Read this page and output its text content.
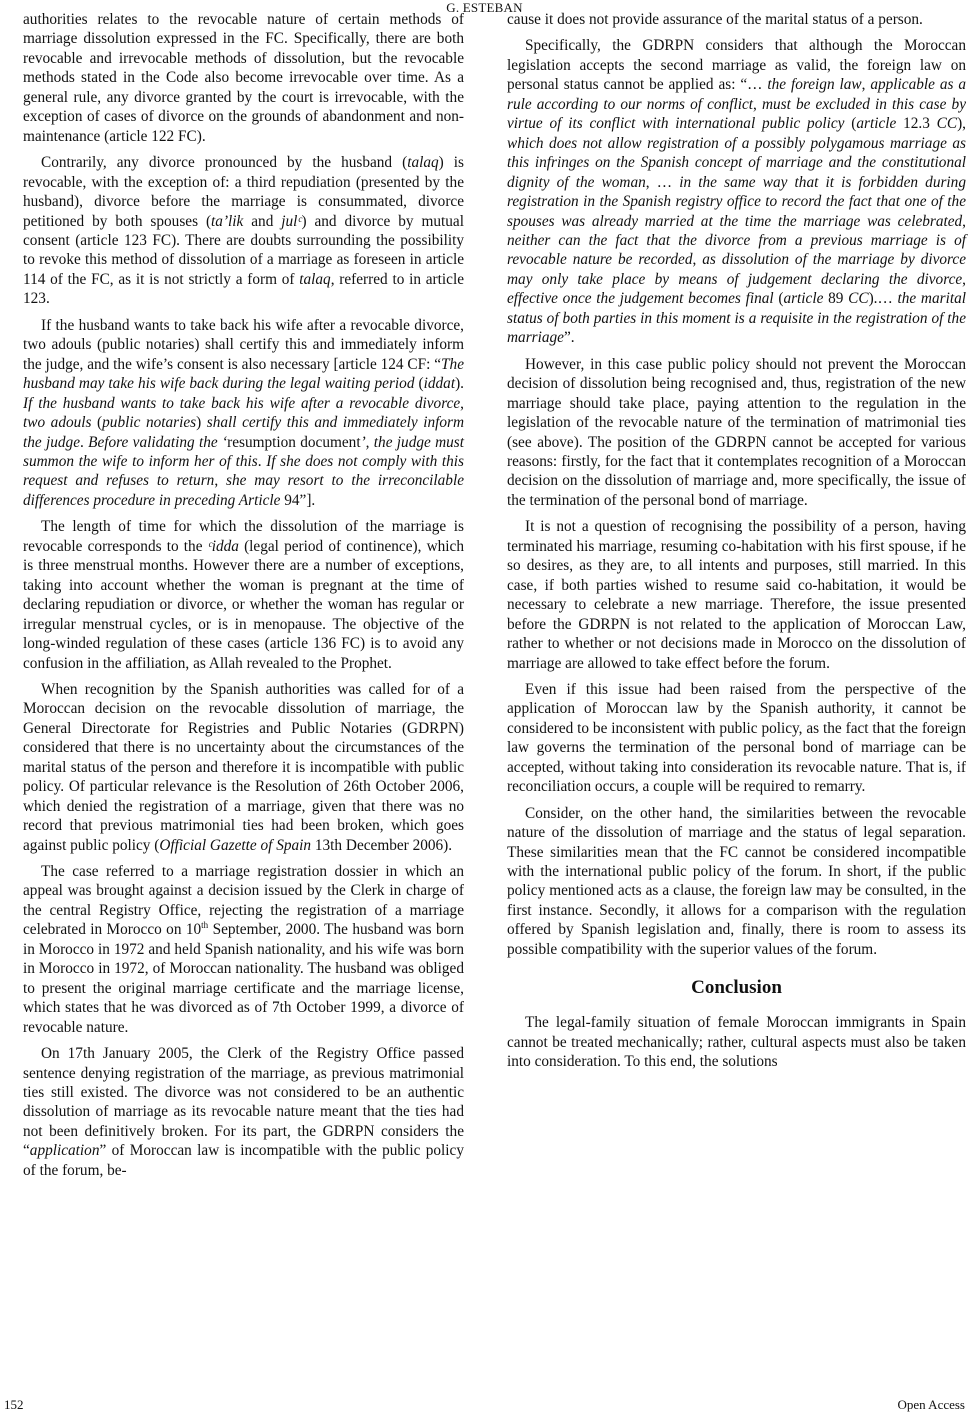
G. ESTEBAN

authorities relates to the revocable nature of certain methods of marriage dissolution expressed in the FC. Specifically, there are both revocable and irrevocable methods of dissolution, but the revocable methods stated in the Code also become irrevocable over time. As a general rule, any divorce granted by the court is irrevocable, with the exception of cases of divorce on the grounds of abandonment and non-maintenance (article 122 FC).

Contrarily, any divorce pronounced by the husband (talaq) is revocable, with the exception of: a third repudiation (presented by the husband), divorce before the marriage is consummated, divorce petitioned by both spouses (ta’lik and julᶜ) and divorce by mutual consent (article 123 FC). There are doubts surrounding the possibility to revoke this method of dissolution of a marriage as foreseen in article 114 of the FC, as it is not strictly a form of talaq, referred to in article 123.

If the husband wants to take back his wife after a revocable divorce, two adouls (public notaries) shall certify this and immediately inform the judge, and the wife’s consent is also necessary [article 124 CF: “The husband may take his wife back during the legal waiting period (iddat). If the husband wants to take back his wife after a revocable divorce, two adouls (public notaries) shall certify this and immediately inform the judge. Before validating the ‘resumption document’, the judge must summon the wife to inform her of this. If she does not comply with this request and refuses to return, she may resort to the irreconcilable differences procedure in preceding Article 94”].

The length of time for which the dissolution of the marriage is revocable corresponds to the ᶜidda (legal period of continence), which is three menstrual months. However there are a number of exceptions, taking into account whether the woman is pregnant at the time of declaring repudiation or divorce, or whether the woman has regular or irregular menstrual cycles, or is in menopause. The objective of the long-winded regulation of these cases (article 136 FC) is to avoid any confusion in the affiliation, as Allah revealed to the Prophet.

When recognition by the Spanish authorities was called for of a Moroccan decision on the revocable dissolution of marriage, the General Directorate for Registries and Public Notaries (GDRPN) considered that there is no uncertainty about the circumstances of the marital status of the person and therefore it is incompatible with public policy. Of particular relevance is the Resolution of 26th October 2006, which denied the registration of a marriage, given that there was no record that previous matrimonial ties had been broken, which goes against public policy (Official Gazette of Spain 13th December 2006).

The case referred to a marriage registration dossier in which an appeal was brought against a decision issued by the Clerk in charge of the central Registry Office, rejecting the registration of a marriage celebrated in Morocco on 10th September, 2000. The husband was born in Morocco in 1972 and held Spanish nationality, and his wife was born in Morocco in 1972, of Moroccan nationality. The husband was obliged to present the original marriage certificate and the marriage license, which states that he was divorced as of 7th October 1999, a divorce of revocable nature.

On 17th January 2005, the Clerk of the Registry Office passed sentence denying registration of the marriage, as previous matrimonial ties still existed. The divorce was not considered to be an authentic dissolution of marriage as its revocable nature meant that the ties had not been definitively broken. For its part, the GDRPN considers the “application” of Moroccan law is incompatible with the public policy of the forum, be-

cause it does not provide assurance of the marital status of a person.

Specifically, the GDRPN considers that although the Moroccan legislation accepts the second marriage as valid, the foreign law on personal status cannot be applied as: “… the foreign law, applicable as a rule according to our norms of conflict, must be excluded in this case by virtue of its conflict with international public policy (article 12.3 CC), which does not allow registration of a possibly polygamous marriage as this infringes on the Spanish concept of marriage and the constitutional dignity of the woman, … in the same way that it is forbidden during registration in the Spanish registry office to record the fact that one of the spouses was already married at the time the marriage was celebrated, neither can the fact that the divorce from a previous marriage is of revocable nature be recorded, as dissolution of the marriage by divorce may only take place by means of judgement declaring the divorce, effective once the judgement becomes final (article 89 CC).… the marital status of both parties in this moment is a requisite in the registration of the marriage”.

However, in this case public policy should not prevent the Moroccan decision of dissolution being recognised and, thus, registration of the new marriage should take place, paying attention to the regulation in the legislation of the revocable nature of the termination of matrimonial ties (see above). The position of the GDRPN cannot be accepted for various reasons: firstly, for the fact that it contemplates recognition of a Moroccan decision on the dissolution of marriage and, more specifically, the issue of the termination of the personal bond of marriage.

It is not a question of recognising the possibility of a person, having terminated his marriage, resuming co-habitation with his first spouse, if he so desires, as they are, to all intents and purposes, still married. In this case, if both parties wished to resume said co-habitation, it would be necessary to celebrate a new marriage. Therefore, the issue presented before the GDRPN is not related to the application of Moroccan Law, rather to whether or not decisions made in Morocco on the dissolution of marriage are allowed to take effect before the forum.

Even if this issue had been raised from the perspective of the application of Moroccan law by the Spanish authority, it cannot be considered to be inconsistent with public policy, as the fact that the foreign law governs the termination of the personal bond of marriage can be accepted, without taking into consideration its revocable nature. That is, if reconciliation occurs, a couple will be required to remarry.

Consider, on the other hand, the similarities between the revocable nature of the dissolution of marriage and the status of legal separation. These similarities mean that the FC cannot be considered incompatible with the international public policy of the forum. In short, if the public policy mentioned acts as a clause, the foreign law may be consulted, in the first instance. Secondly, it allows for a comparison with the regulation offered by Spanish legislation and, finally, there is room to assess its possible compatibility with the superior values of the forum.

Conclusion

The legal-family situation of female Moroccan immigrants in Spain cannot be treated mechanically; rather, cultural aspects must also be taken into consideration. To this end, the solutions

152	Open Access
